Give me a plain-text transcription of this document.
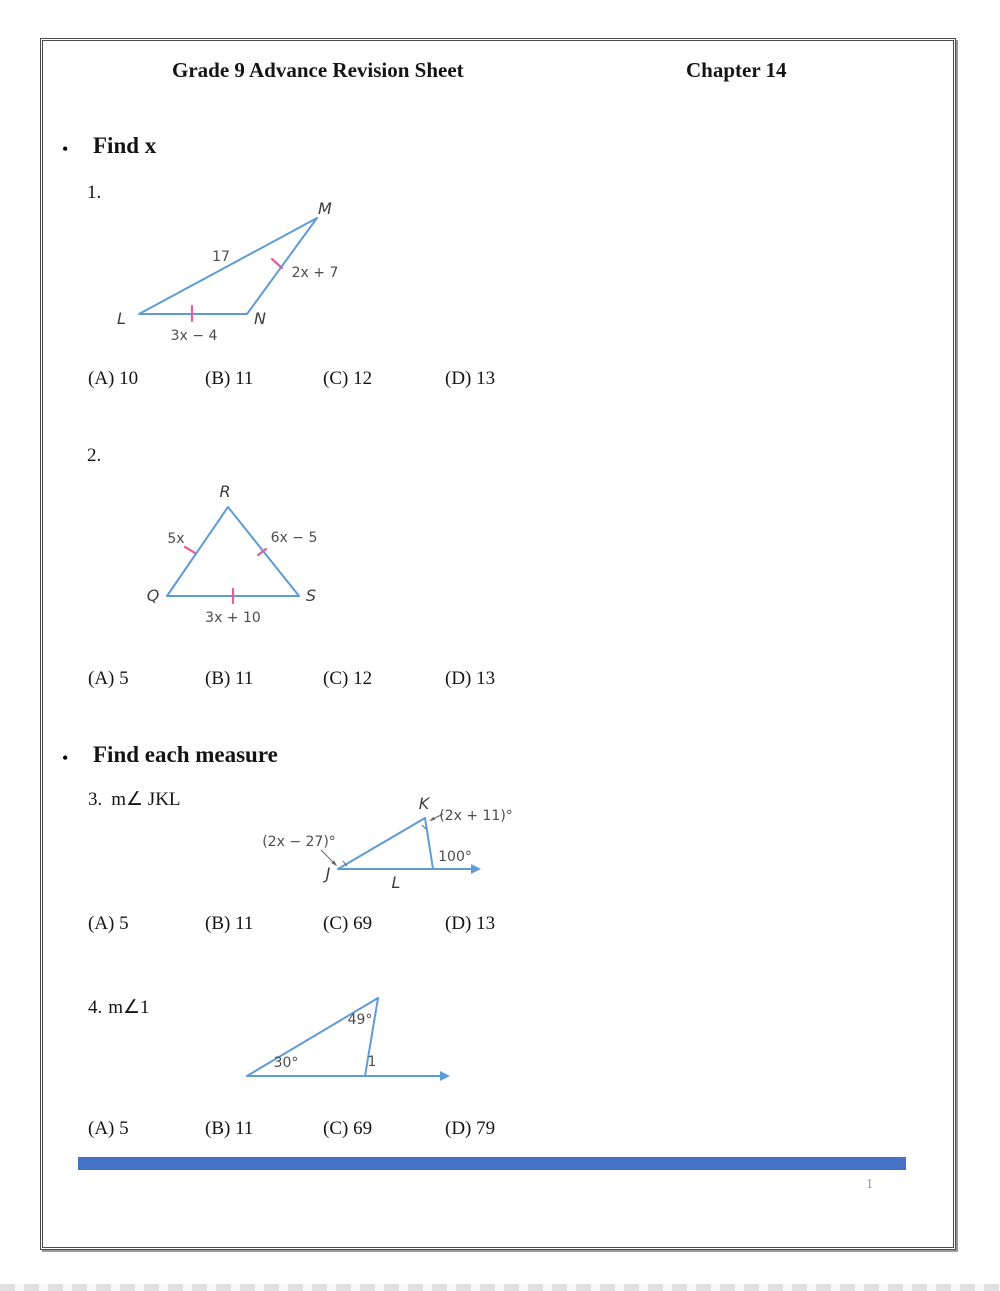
Grade 9 Advance Revision Sheet	Chapter 14
• Find x
1.
M
L	N
17
2x + 7
3x − 4
(A) 10	(B) 11	(C) 12	(D) 13
2.
R
Q	S
5x	6x − 5
3x + 10
(A) 5	(B) 11	(C) 12	(D) 13
• Find each measure
3. m∠ JKL	K
J	L
(2x + 11)°
(2x − 27)°
100°
(A) 5	(B) 11	(C) 69	(D) 13
4. m∠1
49°
30°	1
(A) 5	(B) 11	(C) 69	(D) 79
1
